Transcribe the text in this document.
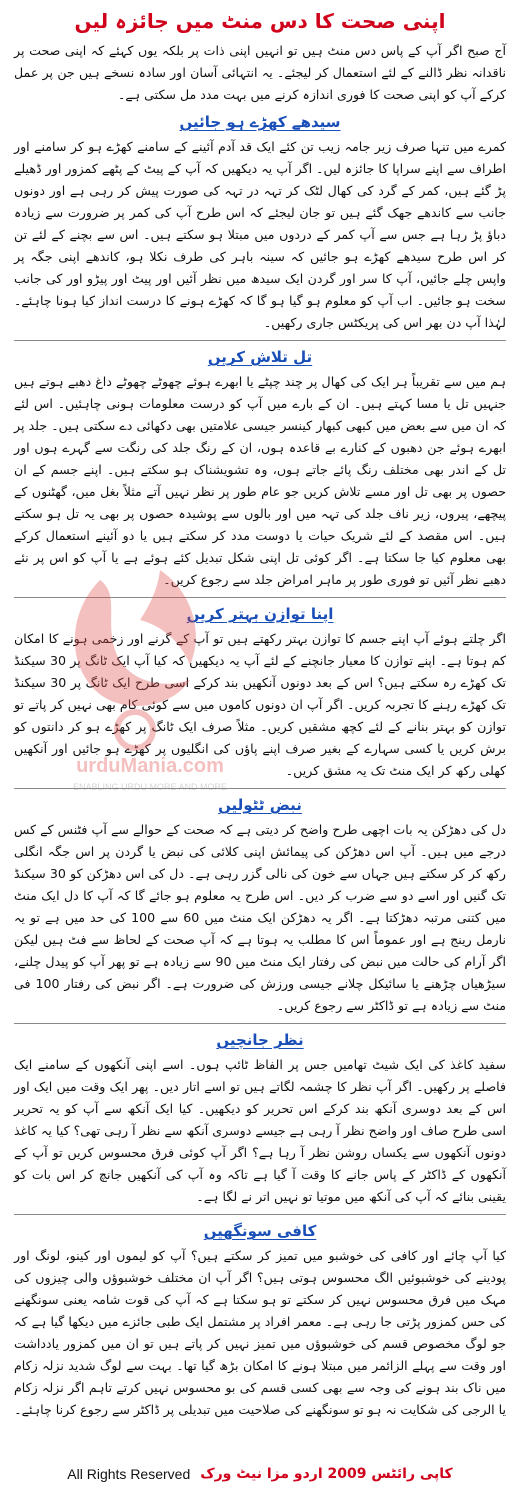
اپنی صحت کا دس منٹ میں جائزہ لیں

آج صبح اگر آپ کے پاس دس منٹ ہیں تو انہیں اپنی ذات پر بلکہ یوں کہئے کہ اپنی صحت پر ناقدانہ نظر ڈالنے کے لئے استعمال کر لیجئے۔ یہ انتہائی آسان اور سادہ نسخے ہیں جن پر عمل کرکے آپ کو اپنی صحت کا فوری اندازہ کرنے میں بہت مدد مل سکتی ہے۔

سیدھے کھڑے ہو جائیں

کمرے میں تنہا صرف زیر جامہ زیب تن کئے ایک قد آدم آئینے کے سامنے کھڑے ہو کر سامنے اور اطراف سے اپنے سراپا کا جائزہ لیں۔ اگر آپ یہ دیکھیں کہ آپ کے پیٹ کے پٹھے کمزور اور ڈھیلے پڑ گئے ہیں، کمر کے گرد کی کھال لٹک کر تہہ در تہہ کی صورت پیش کر رہی ہے اور دونوں جانب سے کاندھے جھک گئے ہیں تو جان لیجئے کہ اس طرح آپ کی کمر پر ضرورت سے زیادہ دباؤ پڑ رہا ہے جس سے آپ کمر کے دردوں میں مبتلا ہو سکتے ہیں۔ اس سے بچنے کے لئے تن کر اس طرح سیدھے کھڑے ہو جائیں کہ سینہ باہر کی طرف نکلا ہو، کاندھے اپنی جگہ پر واپس چلے جائیں، آپ کا سر اور گردن ایک سیدھ میں نظر آئیں اور پیٹ اور پیڑو اور کی جانب سخت ہو جائیں۔ اب آپ کو معلوم ہو گیا ہو گا کہ کھڑے ہونے کا درست انداز کیا ہونا چاہئے۔ لہٰذا آپ دن بھر اس کی پریکٹس جاری رکھیں۔

تل تلاش کریں

ہم میں سے تقریباً ہر ایک کی کھال پر چند چپٹے یا ابھرے ہوئے چھوٹے چھوٹے داغ دھبے ہوتے ہیں جنہیں تل یا مسا کہتے ہیں۔ ان کے بارے میں آپ کو درست معلومات ہونی چاہئیں۔ اس لئے کہ ان میں سے بعض میں کبھی کبھار کینسر جیسی علامتیں بھی دکھائی دے سکتی ہیں۔ جلد پر ابھرے ہوئے جن دھبوں کے کنارے بے قاعدہ ہوں، ان کے رنگ جلد کی رنگت سے گہرے ہوں اور تل کے اندر بھی مختلف رنگ پائے جاتے ہوں، وہ تشویشناک ہو سکتے ہیں۔ اپنے جسم کے ان حصوں پر بھی تل اور مسے تلاش کریں جو عام طور پر نظر نہیں آتے مثلاً بغل میں، گھٹنوں کے پیچھے، پیروں، زیر ناف جلد کی تہہ میں اور بالوں سے پوشیدہ حصوں پر بھی یہ تل ہو سکتے ہیں۔ اس مقصد کے لئے شریک حیات یا دوست مدد کر سکتے ہیں یا دو آئینے استعمال کرکے بھی معلوم کیا جا سکتا ہے۔ اگر کوئی تل اپنی شکل تبدیل کئے ہوئے ہے یا آپ کو اس پر نئے دھبے نظر آئیں تو فوری طور پر ماہر امراض جلد سے رجوع کریں۔

اپنا توازن بہتر کریں

اگر چلتے ہوئے آپ اپنے جسم کا توازن بہتر رکھتے ہیں تو آپ کے گرنے اور زخمی ہونے کا امکان کم ہوتا ہے۔ اپنے توازن کا معیار جانچنے کے لئے آپ یہ دیکھیں کہ کیا آپ ایک ٹانگ پر 30 سیکنڈ تک کھڑے رہ سکتے ہیں؟ اس کے بعد دونوں آنکھیں بند کرکے اسی طرح ایک ٹانگ پر 30 سیکنڈ تک کھڑے رہنے کا تجربہ کریں۔ اگر آپ ان دونوں کاموں میں سے کوئی کام بھی نہیں کر پاتے تو توازن کو بہتر بنانے کے لئے کچھ مشقیں کریں۔ مثلاً صرف ایک ٹانگ پر کھڑے ہو کر دانتوں کو برش کریں یا کسی سہارے کے بغیر صرف اپنے پاؤں کی انگلیوں پر کھڑے ہو جائیں اور آنکھیں کھلی رکھ کر ایک منٹ تک یہ مشق کریں۔

نبض ٹٹولیں

دل کی دھڑکن یہ بات اچھی طرح واضح کر دیتی ہے کہ صحت کے حوالے سے آپ فٹنس کے کس درجے میں ہیں۔ آپ اس دھڑکن کی پیمائش اپنی کلائی کی نبض یا گردن پر اس جگہ انگلی رکھ کر کر سکتے ہیں جہاں سے خون کی نالی گزر رہی ہے۔ دل کی اس دھڑکن کو 30 سیکنڈ تک گنیں اور اسے دو سے ضرب کر دیں۔ اس طرح یہ معلوم ہو جائے گا کہ آپ کا دل ایک منٹ میں کتنی مرتبہ دھڑکتا ہے۔ اگر یہ دھڑکن ایک منٹ میں 60 سے 100 کی حد میں ہے تو یہ نارمل رینج ہے اور عموماً اس کا مطلب یہ ہوتا ہے کہ آپ صحت کے لحاظ سے فٹ ہیں لیکن اگر آرام کی حالت میں نبض کی رفتار ایک منٹ میں 90 سے زیادہ ہے تو پھر آپ کو پیدل چلنے، سیڑھیاں چڑھنے یا سائیکل چلانے جیسی ورزش کی ضرورت ہے۔ اگر نبض کی رفتار 100 فی منٹ سے زیادہ ہے تو ڈاکٹر سے رجوع کریں۔

نظر جانچیں

سفید کاغذ کی ایک شیٹ تھامیں جس پر الفاظ ٹائپ ہوں۔ اسے اپنی آنکھوں کے سامنے ایک فاصلے پر رکھیں۔ اگر آپ نظر کا چشمہ لگاتے ہیں تو اسے اتار دیں۔ پھر ایک وقت میں ایک اور اس کے بعد دوسری آنکھ بند کرکے اس تحریر کو دیکھیں۔ کیا ایک آنکھ سے آپ کو یہ تحریر اسی طرح صاف اور واضح نظر آ رہی ہے جیسے دوسری آنکھ سے نظر آ رہی تھی؟ کیا یہ کاغذ دونوں آنکھوں سے یکساں روشن نظر آ رہا ہے؟ اگر آپ کوئی فرق محسوس کریں تو آپ کے آنکھوں کے ڈاکٹر کے پاس جانے کا وقت آ گیا ہے تاکہ وہ آپ کی آنکھیں جانچ کر اس بات کو یقینی بنائے کہ آپ کی آنکھ میں موتیا تو نہیں اتر نے لگا ہے۔

کافی سونگھیں

کیا آپ چائے اور کافی کی خوشبو میں تمیز کر سکتے ہیں؟ آپ کو لیموں اور کینو، لونگ اور پودینے کی خوشبوئیں الگ محسوس ہوتی ہیں؟ اگر آپ ان مختلف خوشبوؤں والی چیزوں کی مہک میں فرق محسوس نہیں کر سکتے تو ہو سکتا ہے کہ آپ کی قوت شامہ یعنی سونگھنے کی حس کمزور پڑتی جا رہی ہے۔ معمر افراد پر مشتمل ایک طبی جائزے میں دیکھا گیا ہے کہ جو لوگ مخصوص قسم کی خوشبوؤں میں تمیز نہیں کر پاتے ہیں تو ان میں کمزور یادداشت اور وقت سے پہلے الزائمر میں مبتلا ہونے کا امکان بڑھ گیا تھا۔ بہت سے لوگ شدید نزلہ زکام میں ناک بند ہونے کی وجہ سے بھی کسی قسم کی بو محسوس نہیں کرتے تاہم اگر نزلہ زکام یا الرجی کی شکایت نہ ہو تو سونگھنے کی صلاحیت میں تبدیلی پر ڈاکٹر سے رجوع کرنا چاہئے۔

urduMania.com
ENABLING URDU MORE AND MORE
All Rights Reserved کاپی رائٹس 2009 اردو مزا نیٹ ورک
